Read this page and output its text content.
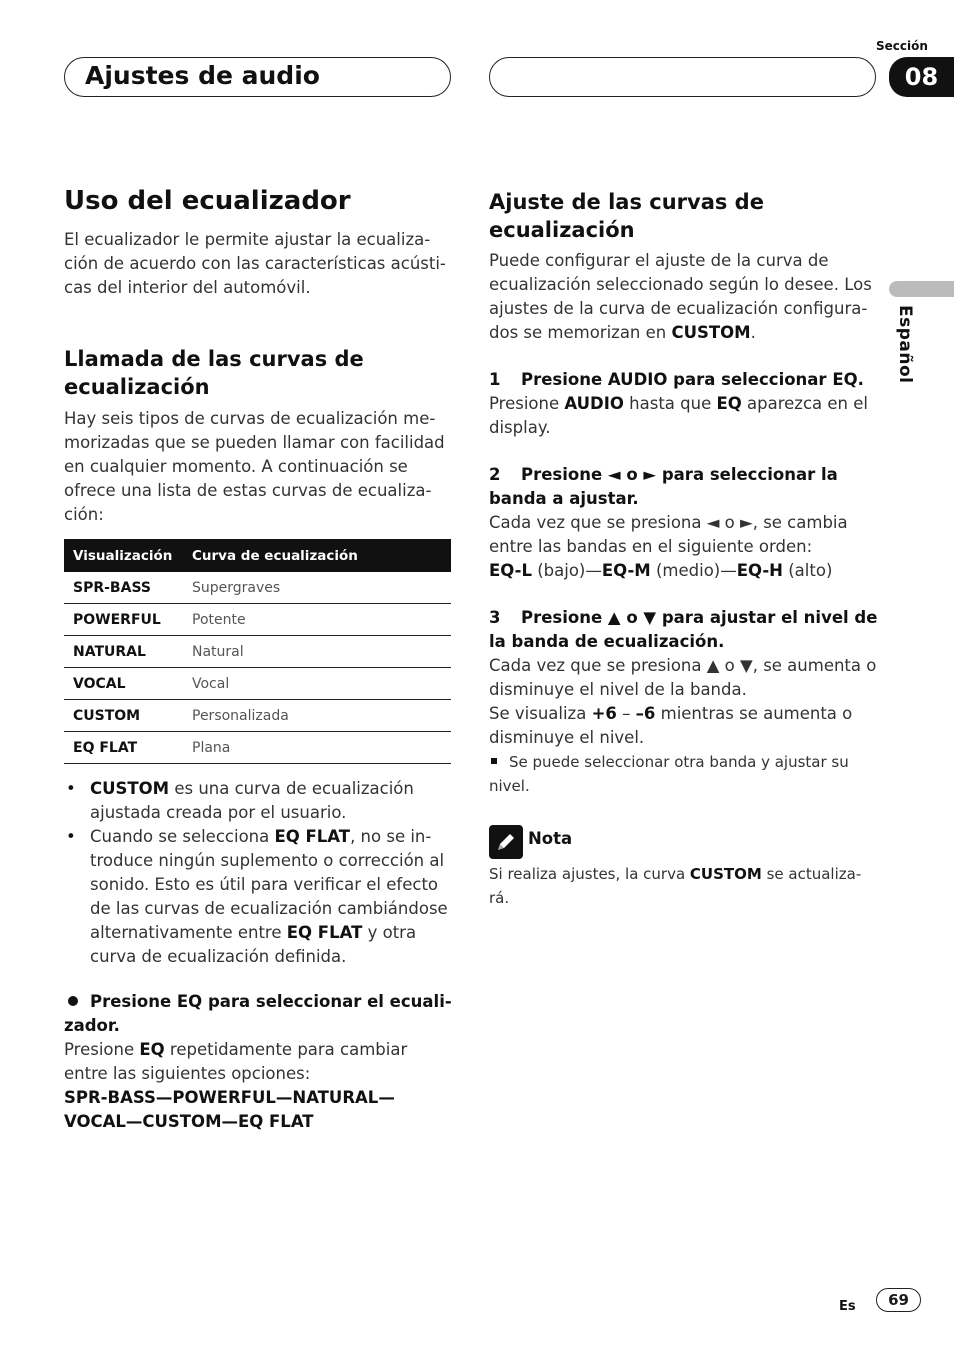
Ajustes de audio
Sección
08
Español
Uso del ecualizador

El ecualizador le permite ajustar la ecualiza-ción de acuerdo con las características acústi-cas del interior del automóvil.

Llamada de las curvas de ecualización

Hay seis tipos de curvas de ecualización me-morizadas que se pueden llamar con facilidad en cualquier momento. A continuación se ofrece una lista de estas curvas de ecualiza-ción:

Visualización	Curva de ecualización
SPR-BASS	Supergraves
POWERFUL	Potente
NATURAL	Natural
VOCAL	Vocal
CUSTOM	Personalizada
EQ FLAT	Plana
• CUSTOM es una curva de ecualización ajustada creada por el usuario.
• Cuando se selecciona EQ FLAT, no se in-troduce ningún suplemento o corrección al sonido. Esto es útil para verificar el efecto de las curvas de ecualización cambiándose alternativamente entre EQ FLAT y otra curva de ecualización definida.

Presione EQ para seleccionar el ecuali-zador.

Presione EQ repetidamente para cambiar entre las siguientes opciones:

SPR-BASS—POWERFUL—NATURAL—

VOCAL—CUSTOM—EQ FLAT

Ajuste de las curvas de ecualización

Puede configurar el ajuste de la curva de ecualización seleccionado según lo desee. Los ajustes de la curva de ecualización configura-dos se memorizan en CUSTOM.

1 Presione AUDIO para seleccionar EQ.

Presione AUDIO hasta que EQ aparezca en el display.

2 Presione ◄ o ► para seleccionar la banda a ajustar.

Cada vez que se presiona ◄ o ►, se cambia entre las bandas en el siguiente orden:

EQ-L (bajo)—EQ-M (medio)—EQ-H (alto)

3 Presione ▲ o ▼ para ajustar el nivel de la banda de ecualización.

Cada vez que se presiona ▲ o ▼, se aumenta o disminuye el nivel de la banda.

Se visualiza +6 – –6 mientras se aumenta o disminuye el nivel.

Se puede seleccionar otra banda y ajustar su nivel.

Nota

Si realiza ajustes, la curva CUSTOM se actualiza-rá.

Es	69
